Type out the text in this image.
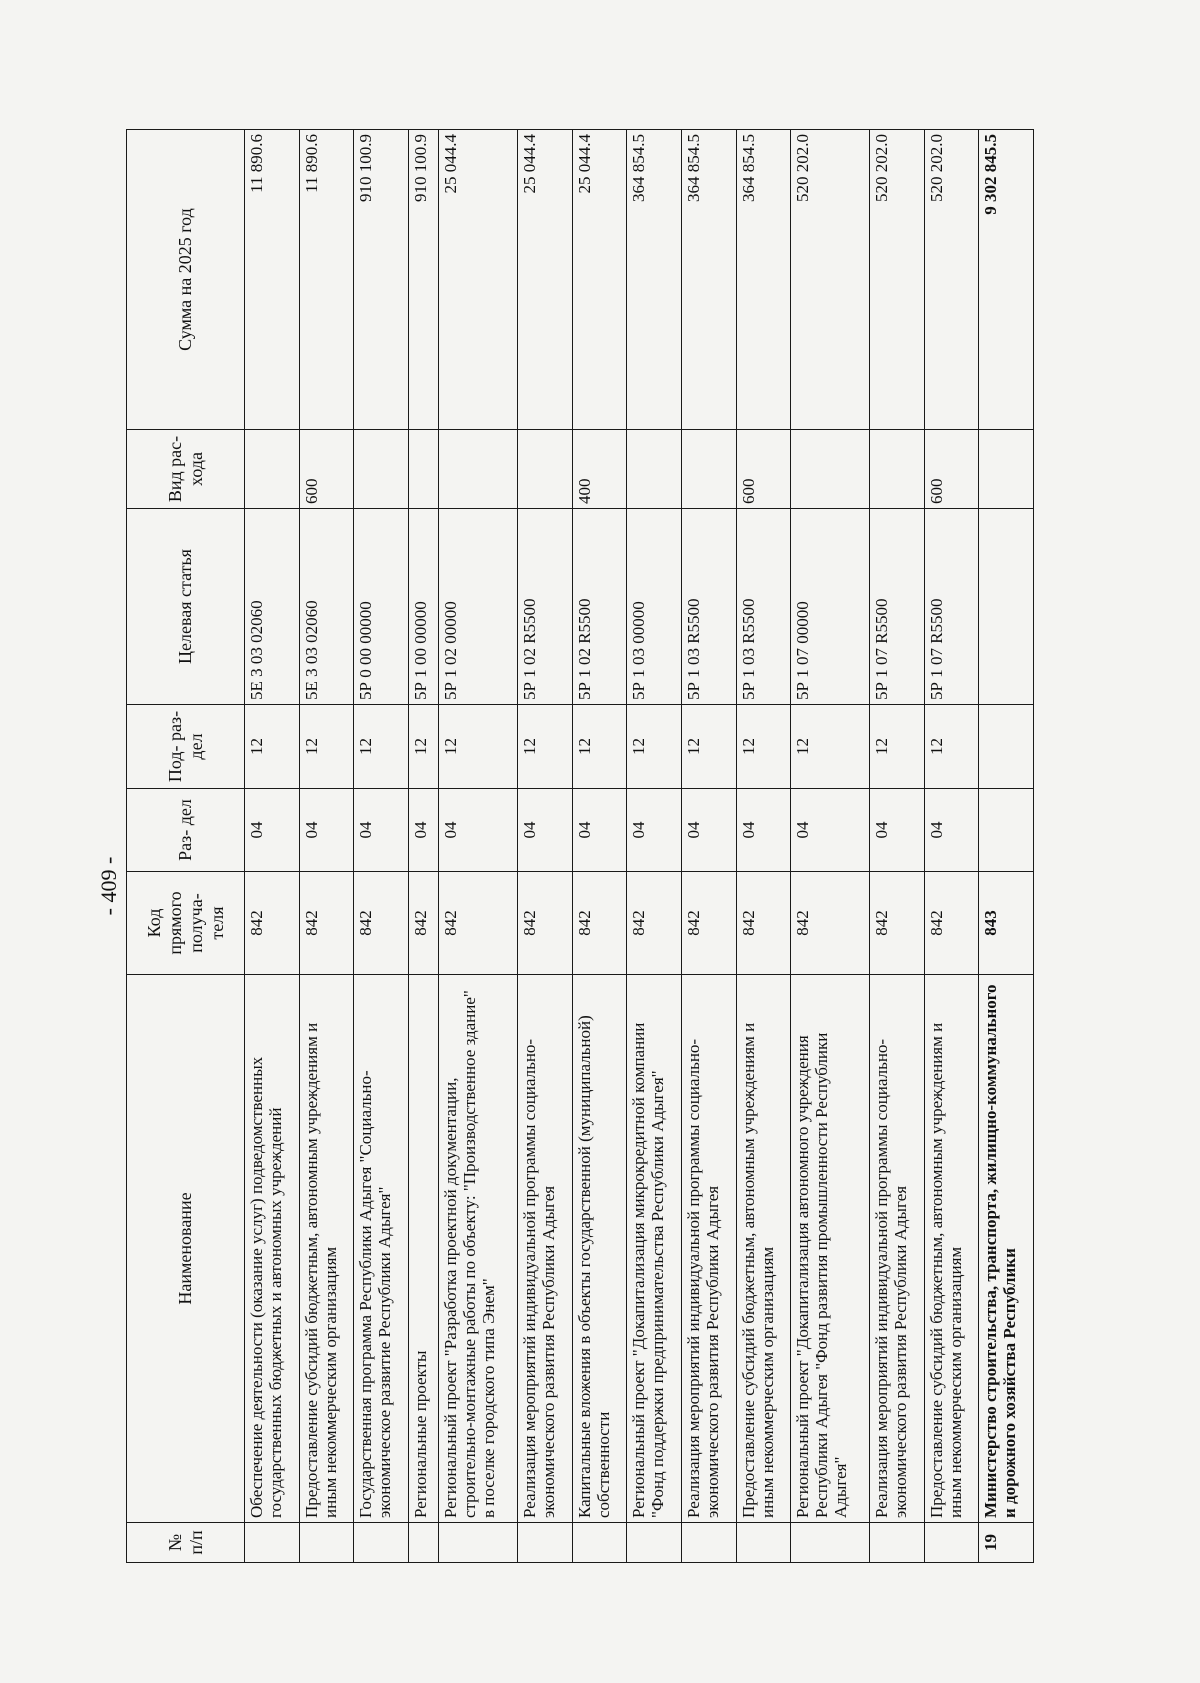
- 409 -
№ п/п	Наименование	Код прямого получа- теля	Раз- дел	Под- раз- дел	Целевая статья	Вид рас- хода	Сумма на 2025 год
	Обеспечение деятельности (оказание услуг) подведомственных государственных бюджетных и автономных учреждений	842	04	12	5Е 3 03 02060		11 890.6
	Предоставление субсидий бюджетным, автономным учреждениям и иным некоммерческим организациям	842	04	12	5Е 3 03 02060	600	11 890.6
	Государственная программа Республики Адыгея "Социально-экономическое развитие Республики Адыгея"	842	04	12	5Р 0 00 00000		910 100.9
	Региональные проекты	842	04	12	5Р 1 00 00000		910 100.9
	Региональный проект "Разработка проектной документации, строительно-монтажные работы по объекту: "Производственное здание" в поселке городского типа Энем"	842	04	12	5Р 1 02 00000		25 044.4
	Реализация мероприятий индивидуальной программы социально-экономического развития Республики Адыгея	842	04	12	5Р 1 02 R5500		25 044.4
	Капитальные вложения в объекты государственной (муниципальной) собственности	842	04	12	5Р 1 02 R5500	400	25 044.4
	Региональный проект "Докапитализация микрокредитной компании "Фонд поддержки предпринимательства Республики Адыгея"	842	04	12	5Р 1 03 00000		364 854.5
	Реализация мероприятий индивидуальной программы социально-экономического развития Республики Адыгея	842	04	12	5Р 1 03 R5500		364 854.5
	Предоставление субсидий бюджетным, автономным учреждениям и иным некоммерческим организациям	842	04	12	5Р 1 03 R5500	600	364 854.5
	Региональный проект "Докапитализация автономного учреждения Республики Адыгея "Фонд развития промышленности Республики Адыгея"	842	04	12	5Р 1 07 00000		520 202.0
	Реализация мероприятий индивидуальной программы социально-экономического развития Республики Адыгея	842	04	12	5Р 1 07 R5500		520 202.0
	Предоставление субсидий бюджетным, автономным учреждениям и иным некоммерческим организациям	842	04	12	5Р 1 07 R5500	600	520 202.0
19	Министерство строительства, транспорта, жилищно-коммунального и дорожного хозяйства Республики	843					9 302 845.5
